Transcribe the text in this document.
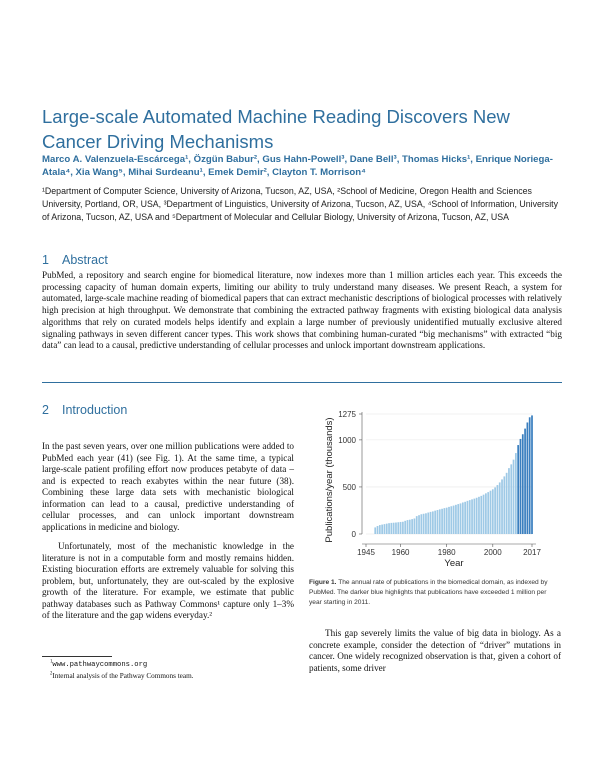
Large-scale Automated Machine Reading Discovers New Cancer Driving Mechanisms
Marco A. Valenzuela-Escárcega¹, Özgün Babur², Gus Hahn-Powell³, Dane Bell³, Thomas Hicks¹, Enrique Noriega-Atala⁴, Xia Wang⁵, Mihai Surdeanu¹, Emek Demir², Clayton T. Morrison⁴
¹Department of Computer Science, University of Arizona, Tucson, AZ, USA, ²School of Medicine, Oregon Health and Sciences University, Portland, OR, USA, ³Department of Linguistics, University of Arizona, Tucson, AZ, USA, ⁴School of Information, University of Arizona, Tucson, AZ, USA and ⁵Department of Molecular and Cellular Biology, University of Arizona, Tucson, AZ, USA
1 Abstract
PubMed, a repository and search engine for biomedical literature, now indexes more than 1 million articles each year. This exceeds the processing capacity of human domain experts, limiting our ability to truly understand many diseases. We present Reach, a system for automated, large-scale machine reading of biomedical papers that can extract mechanistic descriptions of biological processes with relatively high precision at high throughput. We demonstrate that combining the extracted pathway fragments with existing biological data analysis algorithms that rely on curated models helps identify and explain a large number of previously unidentified mutually exclusive altered signaling pathways in seven different cancer types. This work shows that combining human-curated “big mechanisms” with extracted “big data” can lead to a causal, predictive understanding of cellular processes and unlock important downstream applications.
2 Introduction

In the past seven years, over one million publications were added to PubMed each year (41) (see Fig. 1). At the same time, a typical large-scale patient profiling effort now produces petabyte of data – and is expected to reach exabytes within the near future (38). Combining these large data sets with mechanistic biological information can lead to a causal, predictive understanding of cellular processes, and can unlock important downstream applications in medicine and biology.

Unfortunately, most of the mechanistic knowledge in the literature is not in a computable form and mostly remains hidden. Existing biocuration efforts are extremely valuable for solving this problem, but, unfortunately, they are out-scaled by the explosive growth of the literature. For example, we estimate that public pathway databases such as Pathway Commons¹ capture only 1–3% of the literature and the gap widens everyday.²

$^1$www.pathwaycommons.org
$^2$Internal analysis of the Pathway Commons team.
0
500
1000
1275
1945 1960	1980	2000	2017
Publications/year (thousands)
Year
Figure 1. The annual rate of publications in the biomedical domain, as indexed by PubMed. The darker blue highlights that publications have exceeded 1 million per year starting in 2011.
This gap severely limits the value of big data in biology. As a concrete example, consider the detection of “driver” mutations in cancer. One widely recognized observation is that, given a cohort of patients, some driver
